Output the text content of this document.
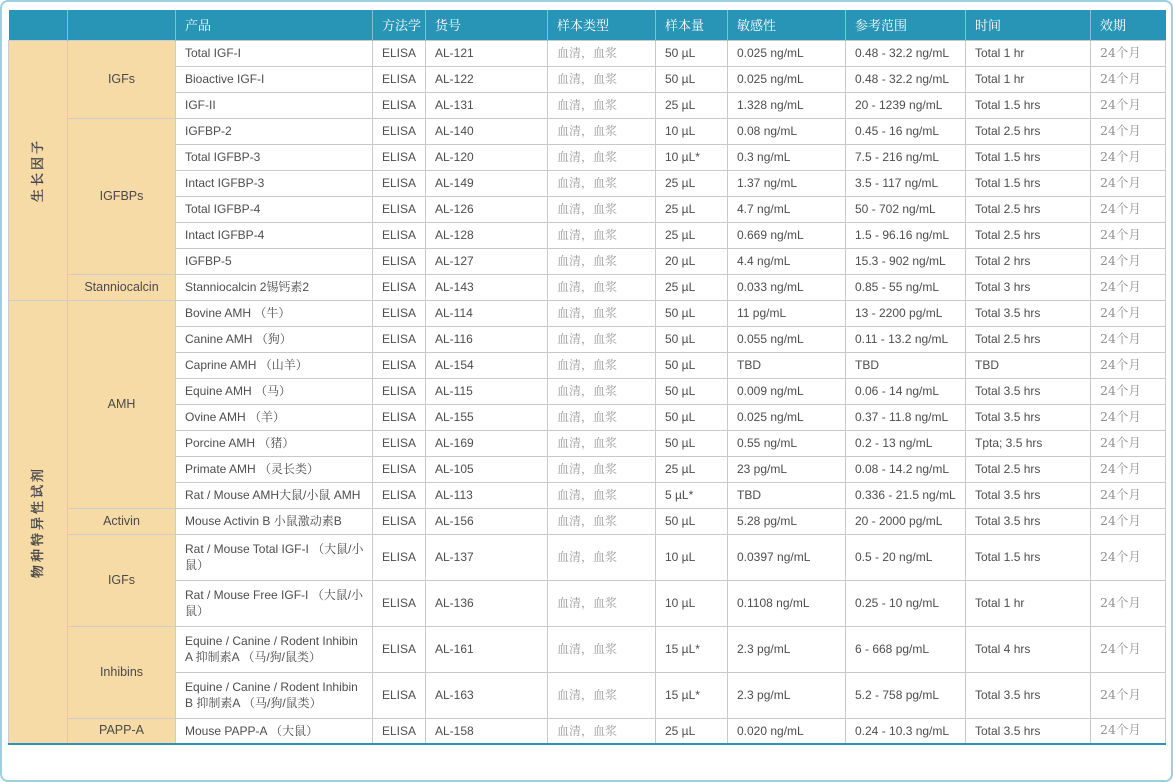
		产品	方法学	货号	样本类型	样本量	敏感性	参考范围	时间	效期

生长因子	IGFs	Total IGF-I	ELISA	AL-121	血清，血浆	50 µL	0.025 ng/mL	0.48 - 32.2 ng/mL	Total 1 hr	24个月
		Bioactive IGF-I	ELISA	AL-122	血清，血浆	50 µL	0.025 ng/mL	0.48 - 32.2 ng/mL	Total 1 hr	24个月
		IGF-II	ELISA	AL-131	血清，血浆	25 µL	1.328 ng/mL	20 - 1239 ng/mL	Total 1.5 hrs	24个月
	IGFBPs	IGFBP-2	ELISA	AL-140	血清，血浆	10 µL	0.08 ng/mL	0.45 - 16 ng/mL	Total 2.5 hrs	24个月
		Total IGFBP-3	ELISA	AL-120	血清，血浆	10 µL*	0.3 ng/mL	7.5 - 216 ng/mL	Total 1.5 hrs	24个月
		Intact IGFBP-3	ELISA	AL-149	血清，血浆	25 µL	1.37 ng/mL	3.5 - 117 ng/mL	Total 1.5 hrs	24个月
		Total IGFBP-4	ELISA	AL-126	血清，血浆	25 µL	4.7 ng/mL	50 - 702 ng/mL	Total 2.5 hrs	24个月
		Intact IGFBP-4	ELISA	AL-128	血清，血浆	25 µL	0.669 ng/mL	1.5 - 96.16 ng/mL	Total 2.5 hrs	24个月
		IGFBP-5	ELISA	AL-127	血清，血浆	20 µL	4.4 ng/mL	15.3 - 902 ng/mL	Total 2 hrs	24个月
	Stanniocalcin	Stanniocalcin 2锡钙素2	ELISA	AL-143	血清，血浆	25 µL	0.033 ng/mL	0.85 - 55 ng/mL	Total 3 hrs	24个月

物种特异性试剂	AMH	Bovine AMH （牛）	ELISA	AL-114	血清，血浆	50 µL	11 pg/mL	13 - 2200 pg/mL	Total 3.5 hrs	24个月
		Canine AMH （狗）	ELISA	AL-116	血清，血浆	50 µL	0.055 ng/mL	0.11 - 13.2 ng/mL	Total 2.5 hrs	24个月
		Caprine AMH （山羊）	ELISA	AL-154	血清，血浆	50 µL	TBD	TBD	TBD	24个月
		Equine AMH （马）	ELISA	AL-115	血清，血浆	50 µL	0.009 ng/mL	0.06 - 14 ng/mL	Total 3.5 hrs	24个月
		Ovine AMH （羊）	ELISA	AL-155	血清，血浆	50 µL	0.025 ng/mL	0.37 - 11.8 ng/mL	Total 3.5 hrs	24个月
		Porcine AMH （猪）	ELISA	AL-169	血清，血浆	50 µL	0.55 ng/mL	0.2 - 13 ng/mL	Tpta; 3.5 hrs	24个月
		Primate AMH （灵长类）	ELISA	AL-105	血清，血浆	25 µL	23 pg/mL	0.08 - 14.2 ng/mL	Total 2.5 hrs	24个月
		Rat / Mouse AMH大鼠/小鼠 AMH	ELISA	AL-113	血清，血浆	5 µL*	TBD	0.336 - 21.5 ng/mL	Total 3.5 hrs	24个月
	Activin	Mouse Activin B 小鼠激动素B	ELISA	AL-156	血清，血浆	50 µL	5.28 pg/mL	20 - 2000 pg/mL	Total 3.5 hrs	24个月
	IGFs	Rat / Mouse Total IGF-I （大鼠/小鼠）	ELISA	AL-137	血清，血浆	10 µL	0.0397 ng/mL	0.5 - 20 ng/mL	Total 1.5 hrs	24个月
		Rat / Mouse Free IGF-I （大鼠/小鼠）	ELISA	AL-136	血清，血浆	10 µL	0.1108 ng/mL	0.25 - 10 ng/mL	Total 1 hr	24个月
	Inhibins	Equine / Canine / Rodent Inhibin A 抑制素A （马/狗/鼠类）	ELISA	AL-161	血清，血浆	15 µL*	2.3 pg/mL	6 - 668 pg/mL	Total 4 hrs	24个月
		Equine / Canine / Rodent Inhibin B 抑制素A （马/狗/鼠类）	ELISA	AL-163	血清，血浆	15 µL*	2.3 pg/mL	5.2 - 758 pg/mL	Total 3.5 hrs	24个月
	PAPP-A	Mouse PAPP-A （大鼠）	ELISA	AL-158	血清，血浆	25 µL	0.020 ng/mL	0.24 - 10.3 ng/mL	Total 3.5 hrs	24个月
